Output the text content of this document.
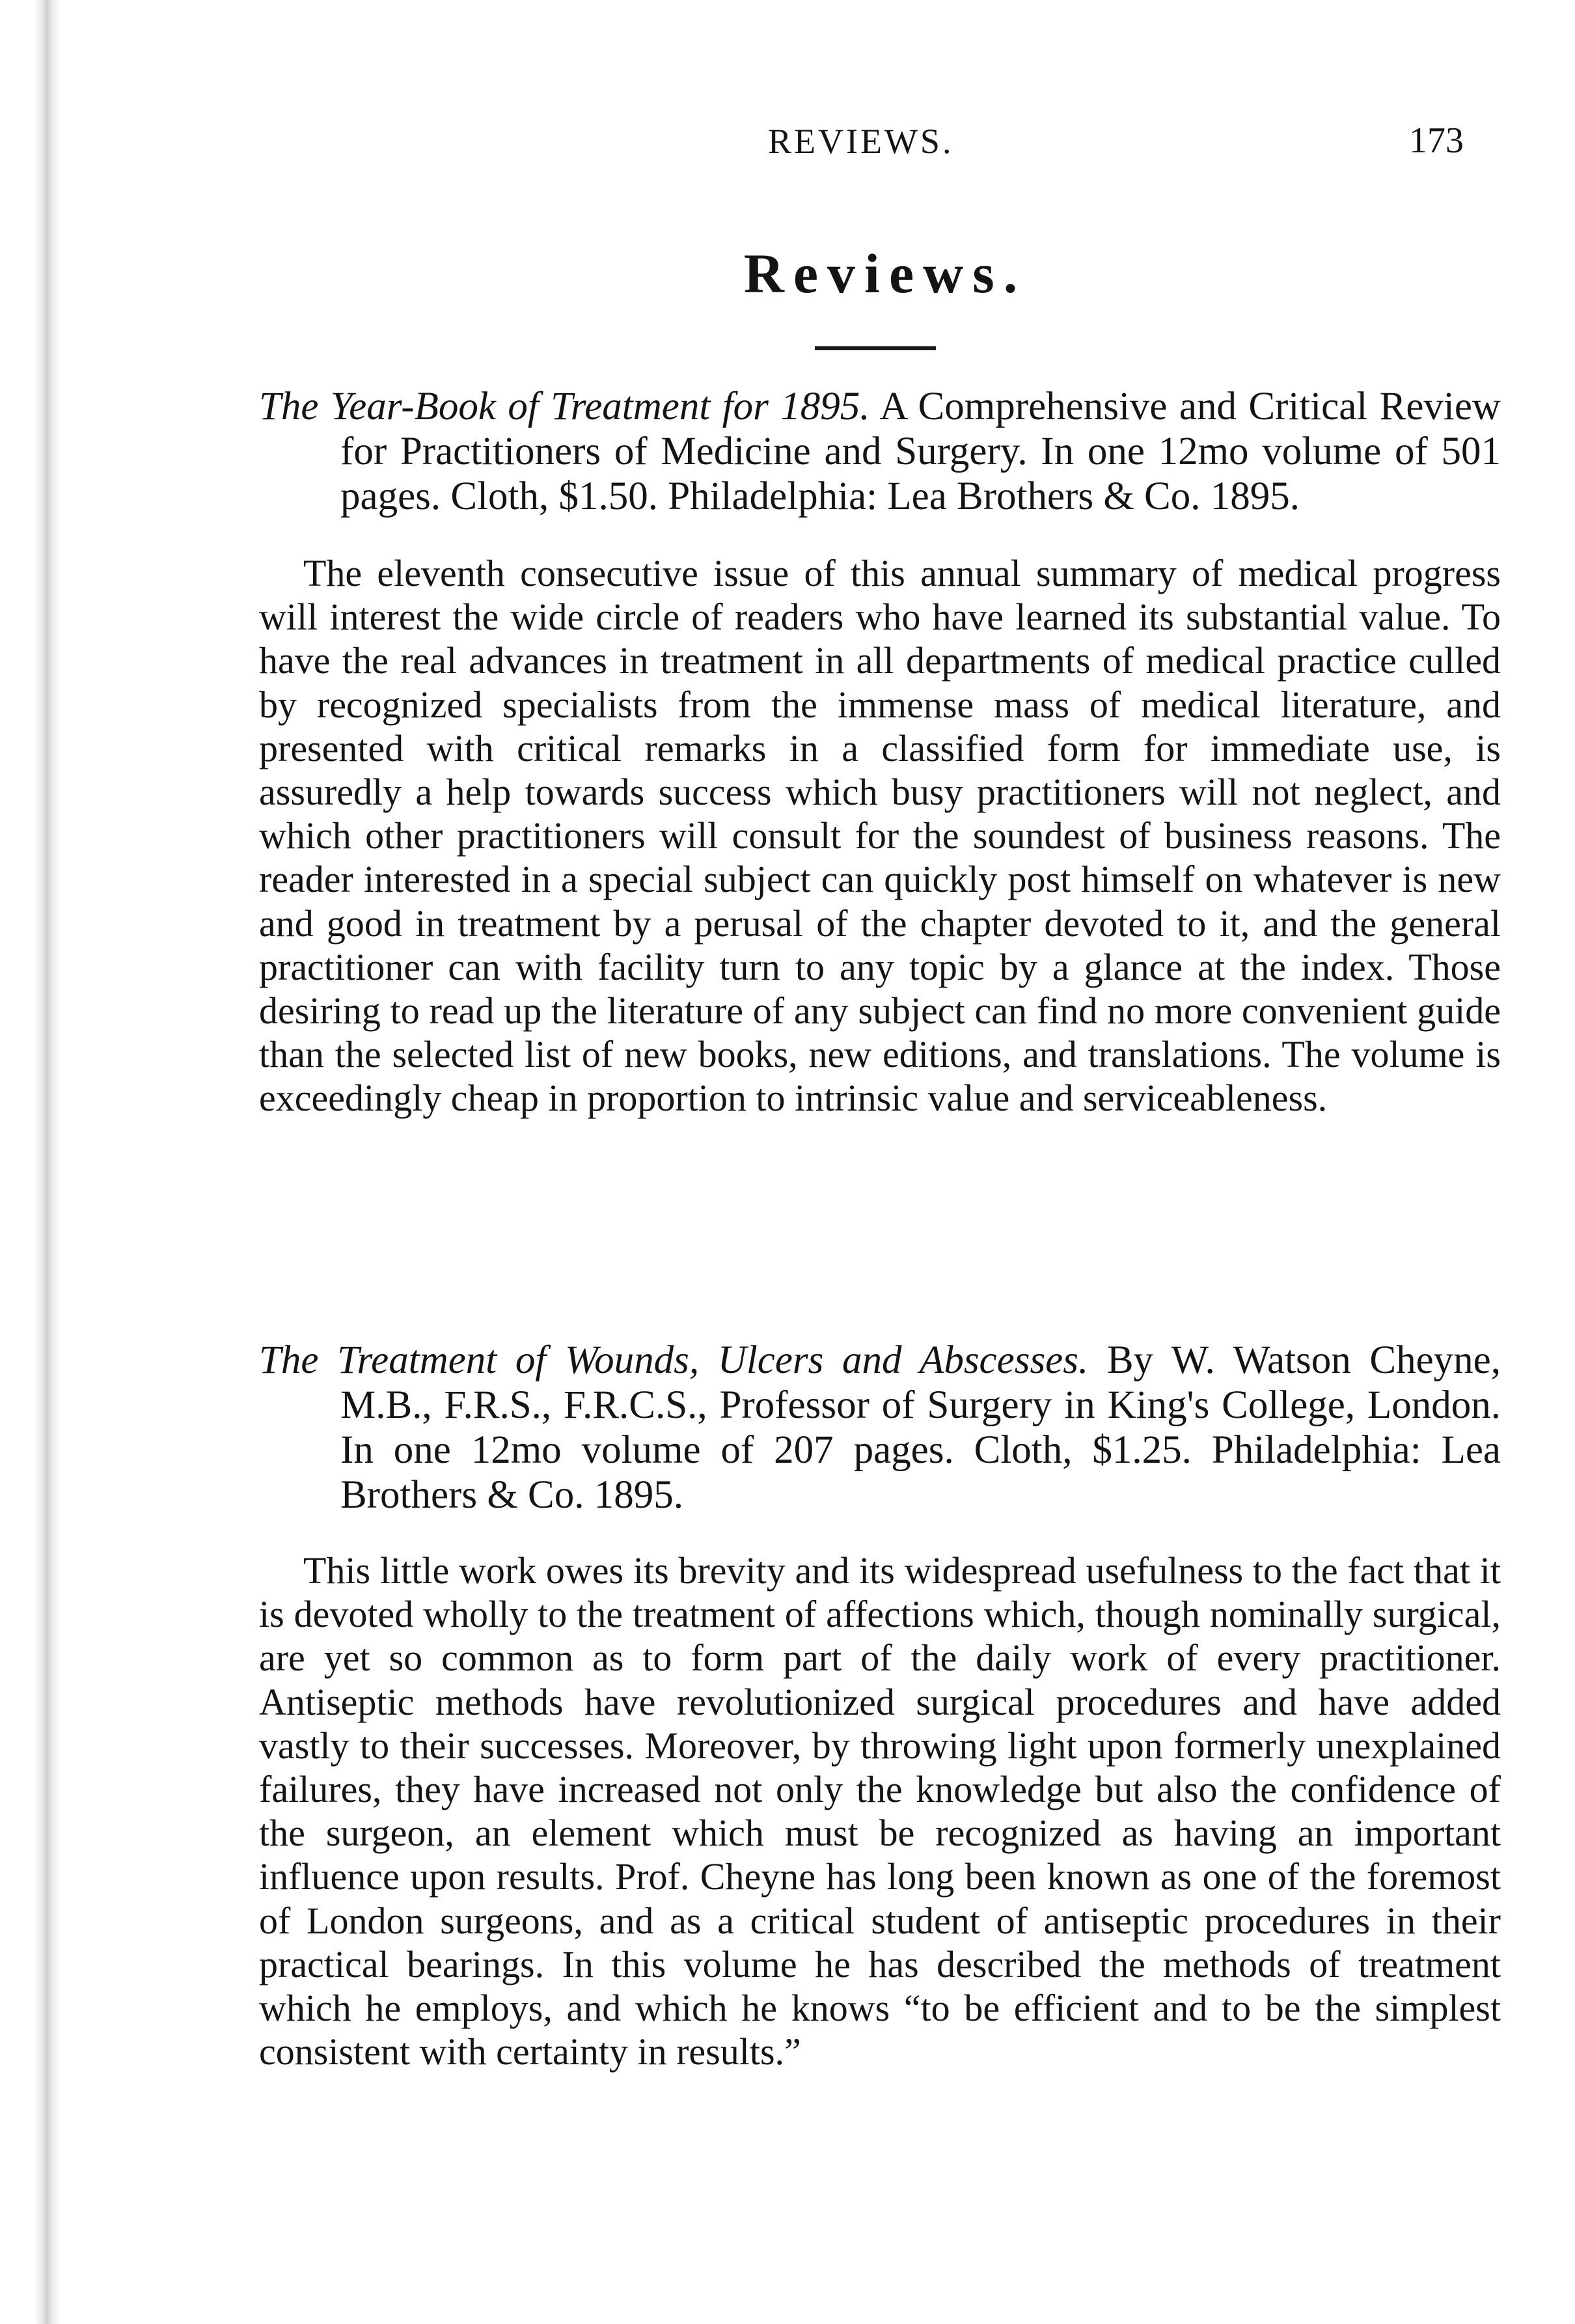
REVIEWS.	173
Reviews.

The Year-Book of Treatment for 1895. A Comprehensive and Critical Review for Practitioners of Medicine and Surgery. In one 12mo volume of 501 pages. Cloth, $1.50. Philadelphia: Lea Brothers & Co. 1895.

The eleventh consecutive issue of this annual summary of medical progress will interest the wide circle of readers who have learned its substantial value. To have the real advances in treatment in all departments of medical practice culled by recognized specialists from the immense mass of medical literature, and presented with critical remarks in a classified form for immediate use, is assuredly a help towards success which busy practitioners will not neglect, and which other practitioners will consult for the soundest of business reasons. The reader interested in a special subject can quickly post himself on whatever is new and good in treatment by a perusal of the chapter devoted to it, and the general practitioner can with facility turn to any topic by a glance at the index. Those desiring to read up the literature of any subject can find no more convenient guide than the selected list of new books, new editions, and translations. The volume is exceedingly cheap in proportion to intrinsic value and serviceableness.

The Treatment of Wounds, Ulcers and Abscesses. By W. Watson Cheyne, M.B., F.R.S., F.R.C.S., Professor of Surgery in King's College, London. In one 12mo volume of 207 pages. Cloth, $1.25. Philadelphia: Lea Brothers & Co. 1895.

This little work owes its brevity and its widespread usefulness to the fact that it is devoted wholly to the treatment of affections which, though nominally surgical, are yet so common as to form part of the daily work of every practitioner. Antiseptic methods have revolutionized surgical procedures and have added vastly to their successes. Moreover, by throwing light upon formerly unexplained failures, they have increased not only the knowledge but also the confidence of the surgeon, an element which must be recognized as having an important influence upon results. Prof. Cheyne has long been known as one of the foremost of London surgeons, and as a critical student of antiseptic procedures in their practical bearings. In this volume he has described the methods of treatment which he employs, and which he knows “to be efficient and to be the simplest consistent with certainty in results.”
